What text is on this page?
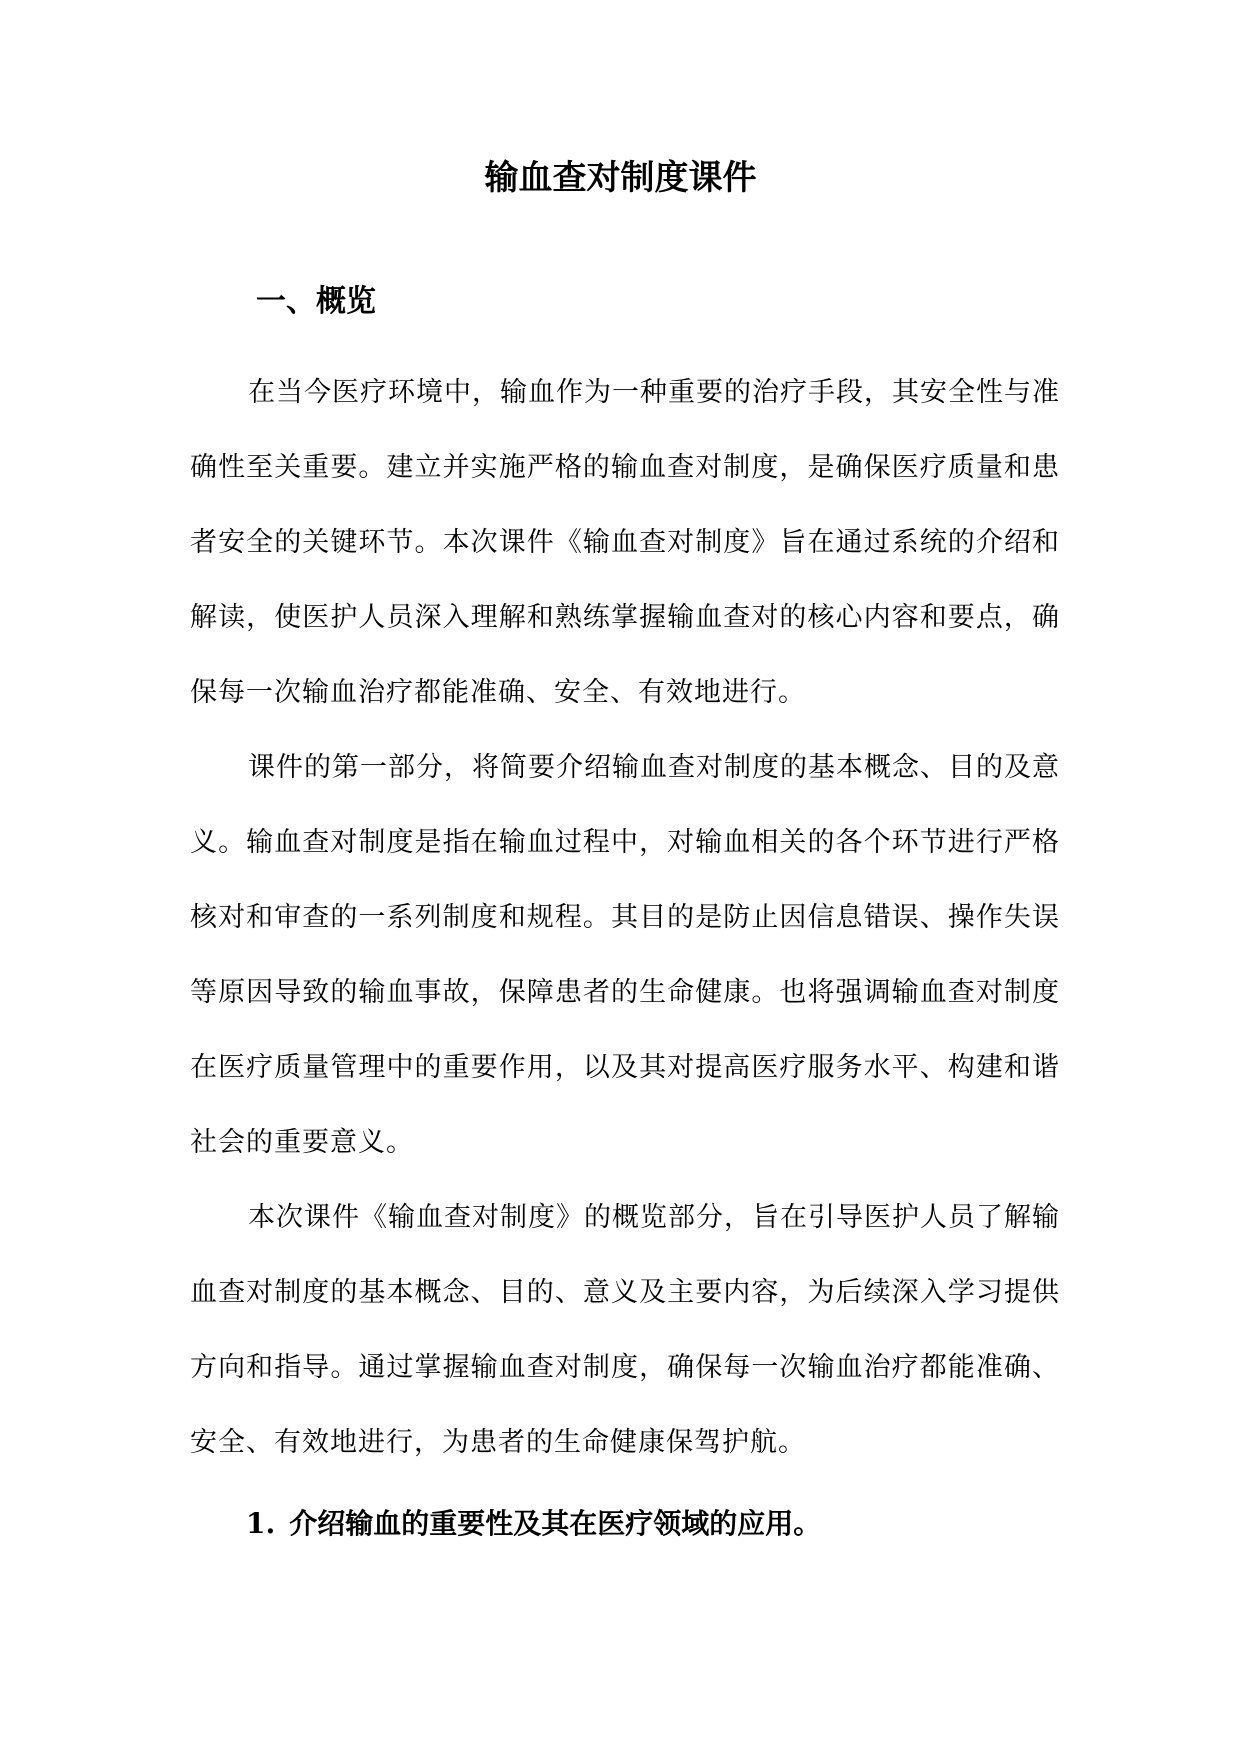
输血查对制度课件
一、概览

在当今医疗环境中，输血作为一种重要的治疗手段，其安全性与准确性至关重要。建立并实施严格的输血查对制度，是确保医疗质量和患者安全的关键环节。本次课件《输血查对制度》旨在通过系统的介绍和解读，使医护人员深入理解和熟练掌握输血查对的核心内容和要点，确保每一次输血治疗都能准确、安全、有效地进行。

课件的第一部分，将简要介绍输血查对制度的基本概念、目的及意义。输血查对制度是指在输血过程中，对输血相关的各个环节进行严格核对和审查的一系列制度和规程。其目的是防止因信息错误、操作失误等原因导致的输血事故，保障患者的生命健康。也将强调输血查对制度在医疗质量管理中的重要作用，以及其对提高医疗服务水平、构建和谐社会的重要意义。

本次课件《输血查对制度》的概览部分，旨在引导医护人员了解输血查对制度的基本概念、目的、意义及主要内容，为后续深入学习提供方向和指导。通过掌握输血查对制度，确保每一次输血治疗都能准确、安全、有效地进行，为患者的生命健康保驾护航。

1. 介绍输血的重要性及其在医疗领域的应用。
